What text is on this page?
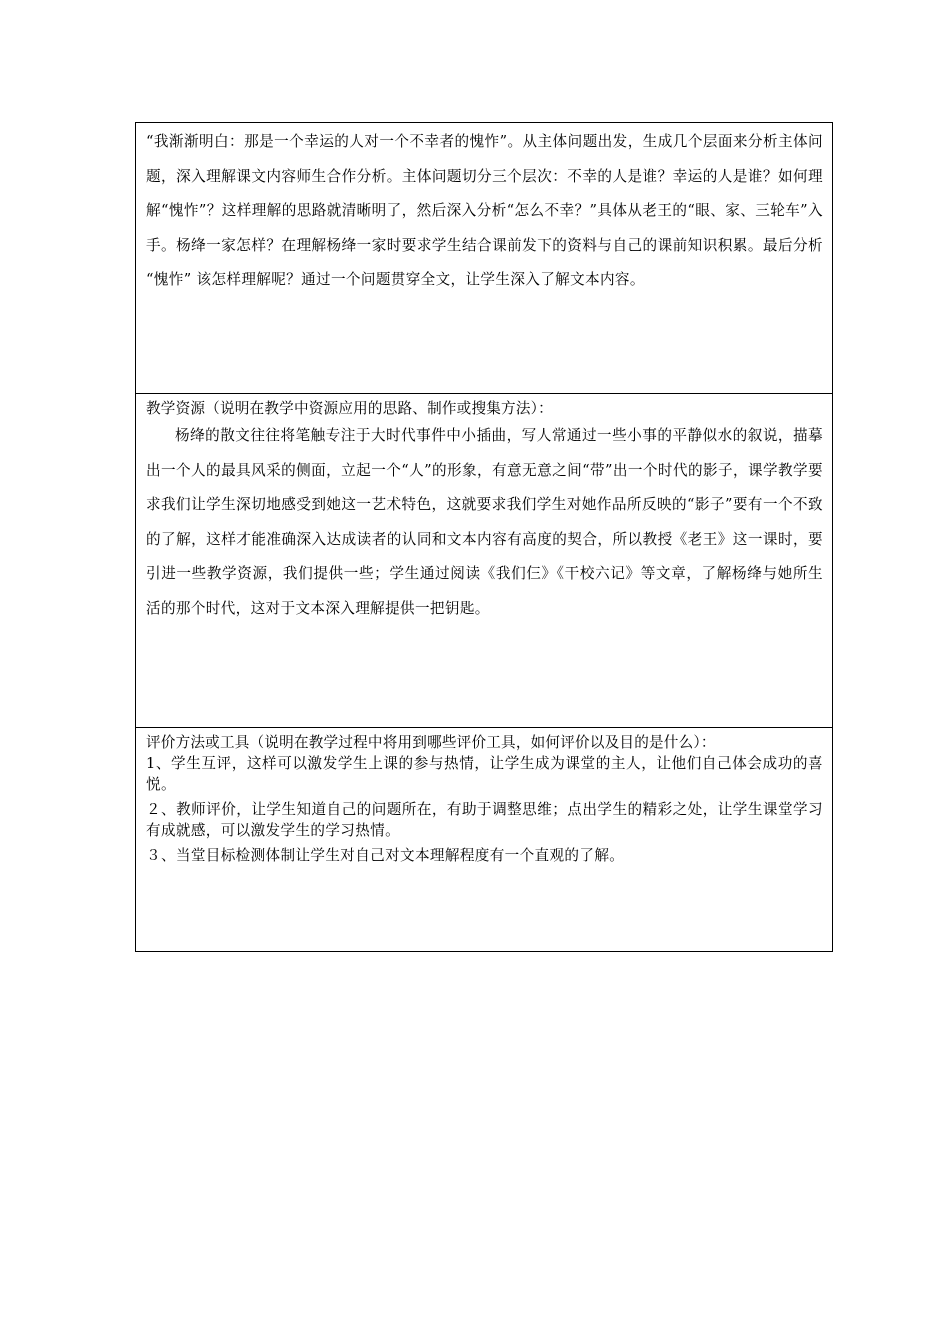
“我渐渐明白：那是一个幸运的人对一个不幸者的愧怍”。从主体问题出发，生成几个层面来分析主体问题，深入理解课文内容师生合作分析。主体问题切分三个层次：不幸的人是谁？幸运的人是谁？如何理解“愧怍”？这样理解的思路就清晰明了，然后深入分析“怎么不幸？”具体从老王的“眼、家、三轮车”入手。杨绛一家怎样？在理解杨绛一家时要求学生结合课前发下的资料与自己的课前知识积累。最后分析 “愧怍” 该怎样理解呢？通过一个问题贯穿全文，让学生深入了解文本内容。

教学资源（说明在教学中资源应用的思路、制作或搜集方法）：

杨绛的散文往往将笔触专注于大时代事件中小插曲，写人常通过一些小事的平静似水的叙说，描摹出一个人的最具风采的侧面，立起一个“人”的形象，有意无意之间“带”出一个时代的影子，课学教学要求我们让学生深切地感受到她这一艺术特色，这就要求我们学生对她作品所反映的“影子”要有一个不致的了解，这样才能准确深入达成读者的认同和文本内容有高度的契合，所以教授《老王》这一课时，要引进一些教学资源，我们提供一些；学生通过阅读《我们仨》《干校六记》等文章，了解杨绛与她所生活的那个时代，这对于文本深入理解提供一把钥匙。

评价方法或工具（说明在教学过程中将用到哪些评价工具，如何评价以及目的是什么）：

1、学生互评，这样可以激发学生上课的参与热情，让学生成为课堂的主人，让他们自己体会成功的喜悦。

２、教师评价，让学生知道自己的问题所在，有助于调整思维；点出学生的精彩之处，让学生课堂学习有成就感，可以激发学生的学习热情。

３、当堂目标检测体制让学生对自己对文本理解程度有一个直观的了解。
